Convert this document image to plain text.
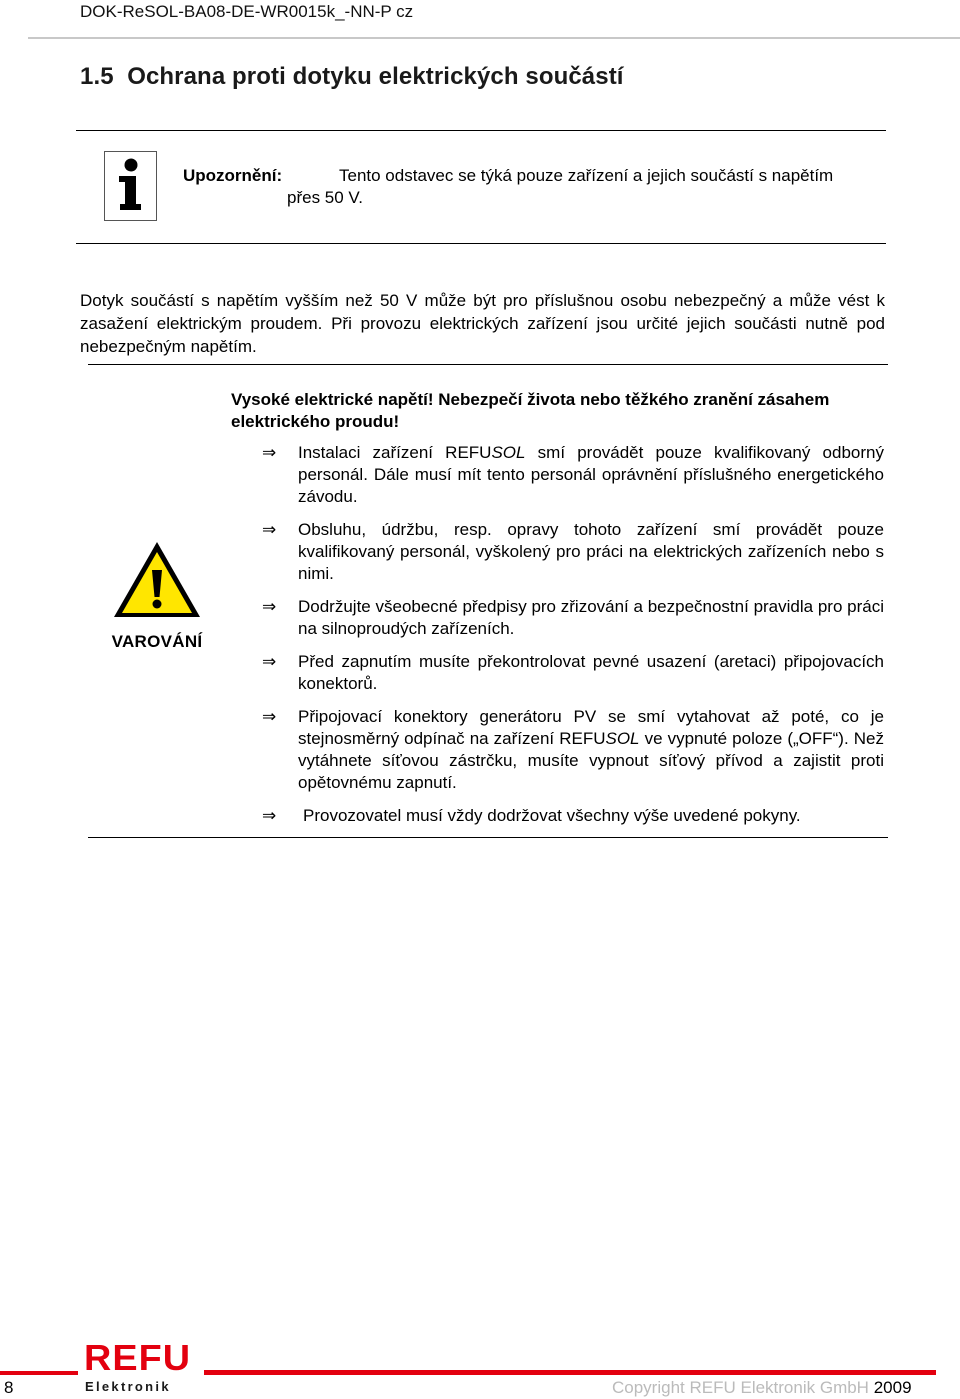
DOK-ReSOL-BA08-DE-WR0015k_-NN-P cz
1.5  Ochrana proti dotyku elektrických součástí
Upozornění:	Tento odstavec se týká pouze zařízení a jejich součástí s napětím
přes 50 V.
Dotyk součástí s napětím vyšším než 50 V může být pro příslušnou osobu nebezpečný a může vést k zasažení elektrickým proudem. Při provozu elektrických zařízení jsou určité jejich součásti nutně pod nebezpečným napětím.
VAROVÁNÍ
Vysoké elektrické napětí! Nebezpečí života nebo těžkého zranění zásahem elektrického proudu!
⇒ Instalaci zařízení REFUSOL smí provádět pouze kvalifikovaný odborný personál. Dále musí mít tento personál oprávnění příslušného energetického závodu.
⇒ Obsluhu, údržbu, resp. opravy tohoto zařízení smí provádět pouze kvalifikovaný personál, vyškolený pro práci na elektrických zařízeních nebo s nimi.
⇒ Dodržujte všeobecné předpisy pro zřizování a bezpečnostní pravidla pro práci na silnoproudých zařízeních.
⇒ Před zapnutím musíte překontrolovat pevné usazení (aretaci) připojovacích konektorů.
⇒ Připojovací konektory generátoru PV se smí vytahovat až poté, co je stejnosměrný odpínač na zařízení REFUSOL ve vypnuté poloze („OFF“). Než vytáhnete síťovou zástrčku, musíte vypnout síťový přívod a zajistit proti opětovnému zapnutí.
⇒ Provozovatel musí vždy dodržovat všechny výše uvedené pokyny.
8
REFU
Elektronik	Copyright REFU Elektronik GmbH 2009
